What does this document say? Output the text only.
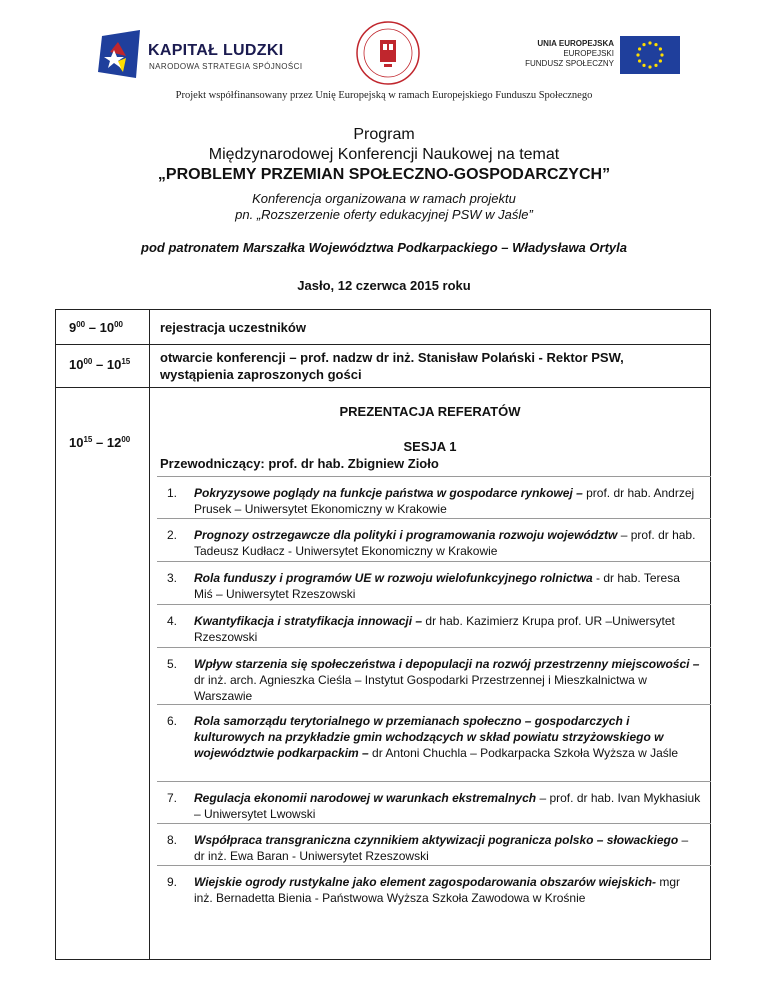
KAPITAŁ LUDZKI
NARODOWA STRATEGIA SPÓJNOŚCI
UNIA EUROPEJSKA
EUROPEJSKI
FUNDUSZ SPOŁECZNY
Projekt współfinansowany przez Unię Europejską w ramach Europejskiego Funduszu Społecznego
Program
Międzynarodowej Konferencji Naukowej na temat
„PROBLEMY PRZEMIAN SPOŁECZNO-GOSPODARCZYCH”
Konferencja organizowana w ramach projektu
pn. „Rozszerzenie oferty edukacyjnej PSW w Jaśle”
pod patronatem Marszałka Województwa Podkarpackiego – Władysława Ortyla
Jasło, 12 czerwca 2015 roku
$9^{00} - 10^{00}$	rejestracja uczestników
$10^{00} - 10^{15}$ otwarcie konferencji – prof. nadzw dr inż. Stanisław Polański - Rektor PSW,
wystąpienia zaproszonych gości
$10^{15} - 12^{00}$
PREZENTACJA REFERATÓW
SESJA 1
Przewodniczący: prof. dr hab. Zbigniew Zioło
1. Pokryzysowe poglądy na funkcje państwa w gospodarce rynkowej – prof. dr hab. Andrzej Prusek – Uniwersytet Ekonomiczny w Krakowie
2. Prognozy ostrzegawcze dla polityki i programowania rozwoju województw – prof. dr hab. Tadeusz Kudłacz - Uniwersytet Ekonomiczny w Krakowie
3. Rola funduszy i programów UE w rozwoju wielofunkcyjnego rolnictwa - dr hab. Teresa Miś – Uniwersytet Rzeszowski
4. Kwantyfikacja i stratyfikacja innowacji – dr hab. Kazimierz Krupa prof. UR –Uniwersytet Rzeszowski
5. Wpływ starzenia się społeczeństwa i depopulacji na rozwój przestrzenny miejscowości – dr inż. arch. Agnieszka Cieśla – Instytut Gospodarki Przestrzennej i Mieszkalnictwa w Warszawie
6. Rola samorządu terytorialnego w przemianach społeczno – gospodarczych i kulturowych na przykładzie gmin wchodzących w skład powiatu strzyżowskiego w województwie podkarpackim – dr Antoni Chuchla – Podkarpacka Szkoła Wyższa w Jaśle
7. Regulacja ekonomii narodowej w warunkach ekstremalnych – prof. dr hab. Ivan Mykhasiuk – Uniwersytet Lwowski
8. Współpraca transgraniczna czynnikiem aktywizacji pogranicza polsko – słowackiego – dr inż. Ewa Baran - Uniwersytet Rzeszowski
9. Wiejskie ogrody rustykalne jako element zagospodarowania obszarów wiejskich- mgr inż. Bernadetta Bienia - Państwowa Wyższa Szkoła Zawodowa w Krośnie
